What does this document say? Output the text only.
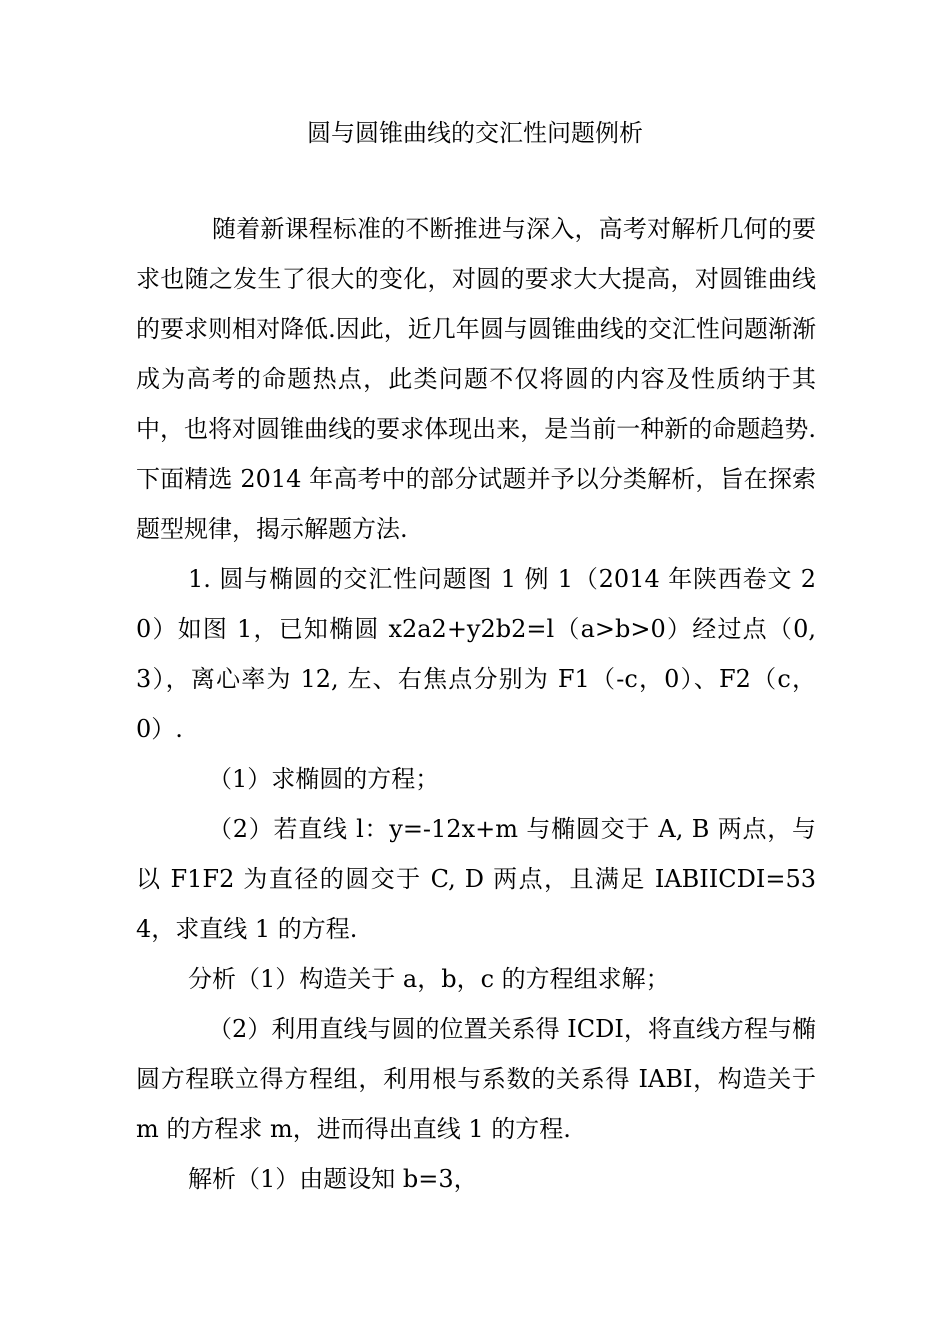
圆与圆锥曲线的交汇性问题例析

随着新课程标准的不断推进与深入，高考对解析几何的要求也随之发生了很大的变化，对圆的要求大大提高，对圆锥曲线的要求则相对降低.因此，近几年圆与圆锥曲线的交汇性问题渐渐成为高考的命题热点，此类问题不仅将圆的内容及性质纳于其中，也将对圆锥曲线的要求体现出来，是当前一种新的命题趋势.下面精选 2014 年高考中的部分试题并予以分类解析，旨在探索题型规律，揭示解题方法.

1. 圆与椭圆的交汇性问题图 1 例 1（2014 年陕西卷文 2 0）如图 1，已知椭圆 x2a2+y2b2=l（a>b>0）经过点（0, 3），离心率为 12, 左、右焦点分别为 F1（-c，0）、F2（c，0）.

（1）求椭圆的方程；

（2）若直线 l：y=-12x+m 与椭圆交于 A, B 两点，与以 F1F2 为直径的圆交于 C, D 两点，且满足 IABIICDI=534，求直线 1 的方程.

分析（1）构造关于 a，b，c 的方程组求解；

（2）利用直线与圆的位置关系得 ICDI，将直线方程与椭圆方程联立得方程组，利用根与系数的关系得 IABI，构造关于 m 的方程求 m，进而得出直线 1 的方程.

解析（1）由题设知 b=3，
